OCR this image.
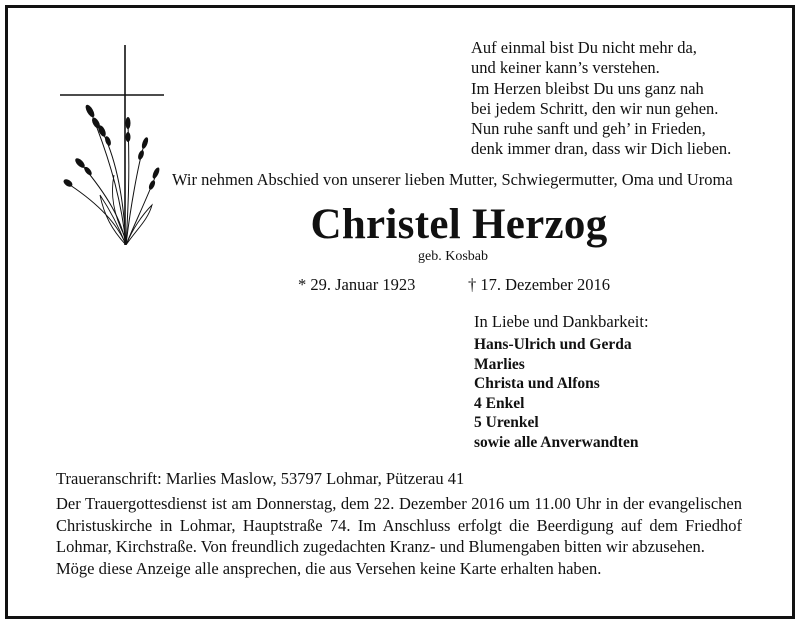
Auf einmal bist Du nicht mehr da,
und keiner kann’s verstehen.
Im Herzen bleibst Du uns ganz nah
bei jedem Schritt, den wir nun gehen.
Nun ruhe sanft und geh’ in Frieden,
denk immer dran, dass wir Dich lieben.
Wir nehmen Abschied von unserer lieben Mutter, Schwiegermutter, Oma und Uroma
Christel Herzog
geb. Kosbab
* 29. Januar 1923	† 17. Dezember 2016
In Liebe und Dankbarkeit:
Hans-Ulrich und Gerda
Marlies
Christa und Alfons
4 Enkel
5 Urenkel
sowie alle Anverwandten
Traueranschrift: Marlies Maslow, 53797 Lohmar, Pützerau 41
Der Trauergottesdienst ist am Donnerstag, dem 22. Dezember 2016 um 11.00 Uhr in der evangelischen Christuskirche in Lohmar, Hauptstraße 74. Im Anschluss erfolgt die Beerdigung auf dem Friedhof Lohmar, Kirchstraße. Von freundlich zugedachten Kranz- und Blumengaben bitten wir abzusehen.
Möge diese Anzeige alle ansprechen, die aus Versehen keine Karte erhalten haben.
